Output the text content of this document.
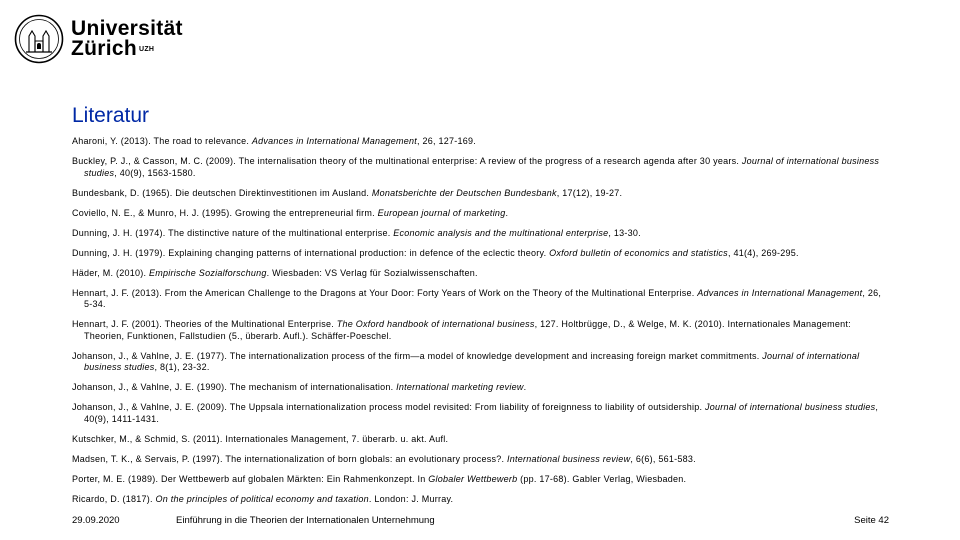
Universität
Zürich $^{UZH}$
Literatur

Aharoni, Y. (2013). The road to relevance. Advances in International Management, 26, 127-169.

Buckley, P. J., & Casson, M. C. (2009). The internalisation theory of the multinational enterprise: A review of the progress of a research agenda after 30 years. Journal of international business studies, 40(9), 1563-1580.

Bundesbank, D. (1965). Die deutschen Direktinvestitionen im Ausland. Monatsberichte der Deutschen Bundesbank, 17(12), 19-27.

Coviello, N. E., & Munro, H. J. (1995). Growing the entrepreneurial firm. European journal of marketing.

Dunning, J. H. (1974). The distinctive nature of the multinational enterprise. Economic analysis and the multinational enterprise, 13-30.

Dunning, J. H. (1979). Explaining changing patterns of international production: in defence of the eclectic theory. Oxford bulletin of economics and statistics, 41(4), 269-295.

Häder, M. (2010). Empirische Sozialforschung. Wiesbaden: VS Verlag für Sozialwissenschaften.

Hennart, J. F. (2013). From the American Challenge to the Dragons at Your Door: Forty Years of Work on the Theory of the Multinational Enterprise. Advances in International Management, 26, 5-34.

Hennart, J. F. (2001). Theories of the Multinational Enterprise. The Oxford handbook of international business, 127. Holtbrügge, D., & Welge, M. K. (2010). Internationales Management: Theorien, Funktionen, Fallstudien (5., überarb. Aufl.). Schäffer-Poeschel.

Johanson, J., & Vahlne, J. E. (1977). The internationalization process of the firm—a model of knowledge development and increasing foreign market commitments. Journal of international business studies, 8(1), 23-32.

Johanson, J., & Vahlne, J. E. (1990). The mechanism of internationalisation. International marketing review.

Johanson, J., & Vahlne, J. E. (2009). The Uppsala internationalization process model revisited: From liability of foreignness to liability of outsidership. Journal of international business studies, 40(9), 1411-1431.

Kutschker, M., & Schmid, S. (2011). Internationales Management, 7. überarb. u. akt. Aufl.

Madsen, T. K., & Servais, P. (1997). The internationalization of born globals: an evolutionary process?. International business review, 6(6), 561-583.

Porter, M. E. (1989). Der Wettbewerb auf globalen Märkten: Ein Rahmenkonzept. In Globaler Wettbewerb (pp. 17-68). Gabler Verlag, Wiesbaden.

Ricardo, D. (1817). On the principles of political economy and taxation. London: J. Murray.

29.09.2020	Einführung in die Theorien der Internationalen Unternehmung	Seite 42
